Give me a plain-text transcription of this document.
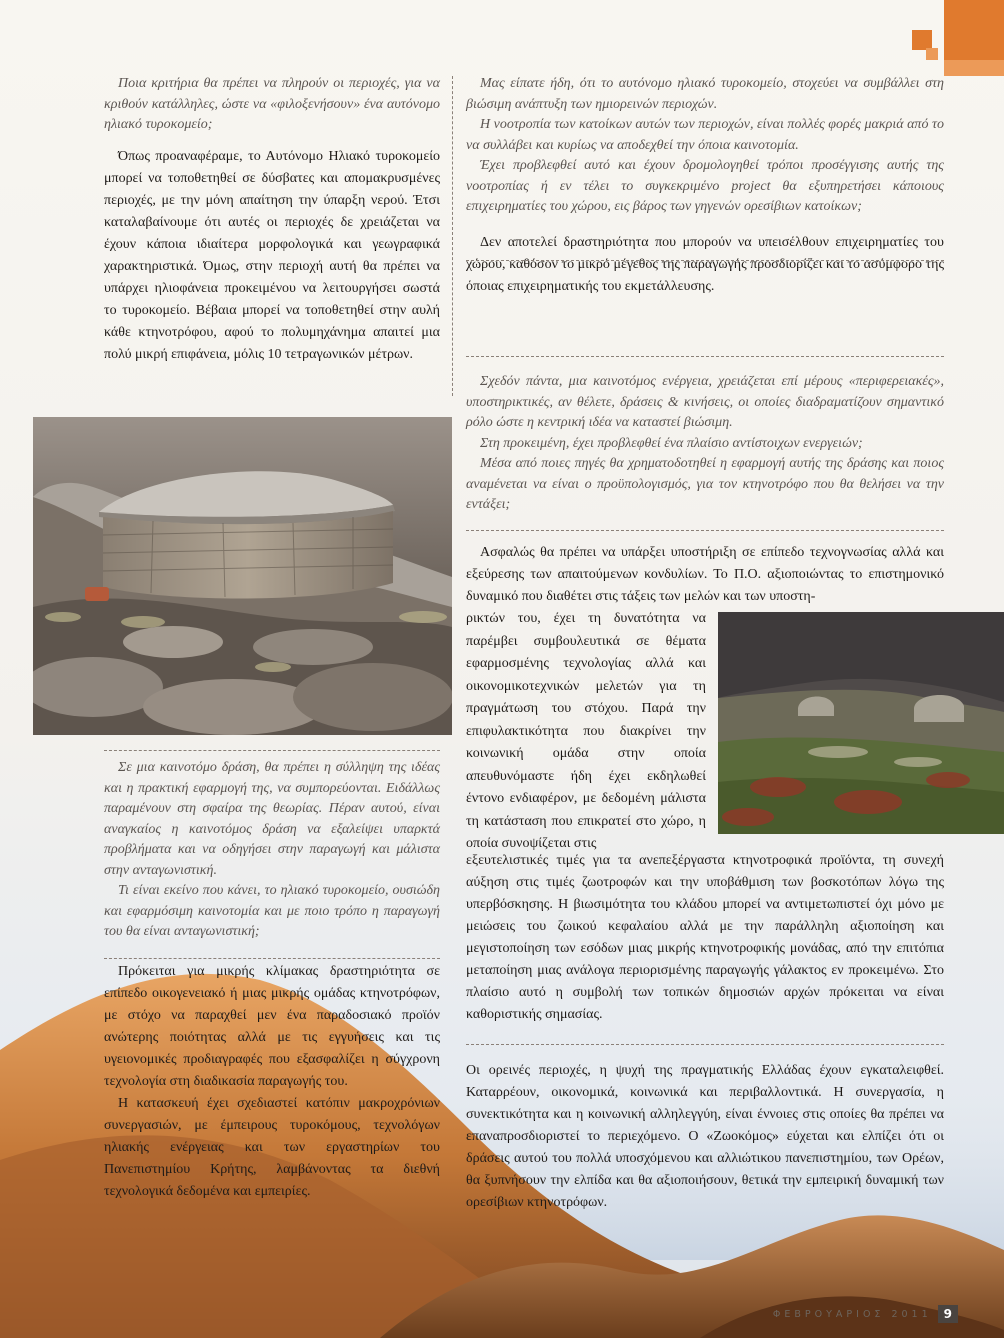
Ποια κριτήρια θα πρέπει να πληρούν οι περιοχές, για να κριθούν κατάλληλες, ώστε να «φιλοξενήσουν» ένα αυτόνομο ηλιακό τυροκομείο;

Όπως προαναφέραμε, το Αυτόνομο Ηλιακό τυροκομείο μπορεί να τοποθετηθεί σε δύσβατες και απομακρυσμένες περιοχές, με την μόνη απαίτηση την ύπαρξη νερού. Έτσι καταλαβαίνουμε ότι αυτές οι περιοχές δε χρειάζεται να έχουν κάποια ιδιαίτερα μορφολογικά και γεωγραφικά χαρακτηριστικά. Όμως, στην περιοχή αυτή θα πρέπει να υπάρχει ηλιοφάνεια προκειμένου να λειτουργήσει σωστά το τυροκομείο. Βέβαια μπορεί να τοποθετηθεί στην αυλή κάθε κτηνοτρόφου, αφού το πολυμηχάνημα απαιτεί μια πολύ μικρή επιφάνεια, μόλις 10 τετραγωνικών μέτρων.

Σε μια καινοτόμο δράση, θα πρέπει η σύλληψη της ιδέας και η πρακτική εφαρμογή της, να συμπορεύονται. Ειδάλλως παραμένουν στη σφαίρα της θεωρίας. Πέραν αυτού, είναι αναγκαίος η καινοτόμος δράση να εξαλείψει υπαρκτά προβλήματα και να οδηγήσει στην παραγωγή και μάλιστα στην ανταγωνιστική.

Τι είναι εκείνο που κάνει, το ηλιακό τυροκομείο, ουσιώδη και εφαρμόσιμη καινοτομία και με ποιο τρόπο η παραγωγή του θα είναι ανταγωνιστική;

Πρόκειται για μικρής κλίμακας δραστηριότητα σε επίπεδο οικογενειακό ή μιας μικρής ομάδας κτηνοτρόφων, με στόχο να παραχθεί μεν ένα παραδοσιακό προϊόν ανώτερης ποιότητας αλλά με τις εγγυήσεις και τις υγειονομικές προδιαγραφές που εξασφαλίζει η σύγχρονη τεχνολογία στη διαδικασία παραγωγής του.

Η κατασκευή έχει σχεδιαστεί κατόπιν μακροχρόνιων συνεργασιών, με έμπειρους τυροκόμους, τεχνολόγων ηλιακής ενέργειας και των εργαστηρίων του Πανεπιστημίου Κρήτης, λαμβάνοντας τα διεθνή τεχνολογικά δεδομένα και εμπειρίες.

Μας είπατε ήδη, ότι το αυτόνομο ηλιακό τυροκομείο, στοχεύει να συμβάλλει στη βιώσιμη ανάπτυξη των ημιορεινών περιοχών.

Η νοοτροπία των κατοίκων αυτών των περιοχών, είναι πολλές φορές μακριά από το να συλλάβει και κυρίως να αποδεχθεί την όποια καινοτομία.

Έχει προβλεφθεί αυτό και έχουν δρομολογηθεί τρόποι προσέγγισης αυτής της νοοτροπίας ή εν τέλει το συγκεκριμένο project θα εξυπηρετήσει κάποιους επιχειρηματίες του χώρου, εις βάρος των γηγενών ορεσίβιων κατοίκων;

Δεν αποτελεί δραστηριότητα που μπορούν να υπεισέλθουν επιχειρηματίες του χώρου, καθόσον το μικρό μέγεθος της παραγωγής προσδιορίζει και το ασύμφορο της όποιας επιχειρηματικής του εκμετάλλευσης.

Σχεδόν πάντα, μια καινοτόμος ενέργεια, χρειάζεται επί μέρους «περιφερειακές», υποστηρικτικές, αν θέλετε, δράσεις & κινήσεις, οι οποίες διαδραματίζουν σημαντικό ρόλο ώστε η κεντρική ιδέα να καταστεί βιώσιμη.

Στη προκειμένη, έχει προβλεφθεί ένα πλαίσιο αντίστοιχων ενεργειών;

Μέσα από ποιες πηγές θα χρηματοδοτηθεί η εφαρμογή αυτής της δράσης και ποιος αναμένεται να είναι ο προϋπολογισμός, για τον κτηνοτρόφο που θα θελήσει να την εντάξει;

Ασφαλώς θα πρέπει να υπάρξει υποστήριξη σε επίπεδο τεχνογνωσίας αλλά και εξεύρεσης των απαιτούμενων κονδυλίων. Το Π.Ο. αξιοποιώντας το επιστημονικό δυναμικό που διαθέτει στις τάξεις των μελών και των υποστη-

ρικτών του, έχει τη δυνατότητα να παρέμβει συμβουλευτικά σε θέματα εφαρμοσμένης τεχνολογίας αλλά και οικονομικοτεχνικών μελετών για τη πραγμάτωση του στόχου. Παρά την επιφυλακτικότητα που διακρίνει την κοινωνική ομάδα στην οποία απευθυνόμαστε ήδη έχει εκδηλωθεί έντονο ενδιαφέρον, με δεδομένη μάλιστα τη κατάσταση που επικρατεί στο χώρο, η οποία συνοψίζεται στις

εξευτελιστικές τιμές για τα ανεπεξέργαστα κτηνοτροφικά προϊόντα, τη συνεχή αύξηση στις τιμές ζωοτροφών και την υποβάθμιση των βοσκοτόπων λόγω της υπερβόσκησης. Η βιωσιμότητα του κλάδου μπορεί να αντιμετωπιστεί όχι μόνο με μειώσεις του ζωικού κεφαλαίου αλλά με την παράλληλη αξιοποίηση και μεγιστοποίηση των εσόδων μιας μικρής κτηνοτροφικής μονάδας, από την επιτόπια μεταποίηση μιας ανάλογα περιορισμένης παραγωγής γάλακτος εν προκειμένω. Στο πλαίσιο αυτό η συμβολή των τοπικών δημοσιών αρχών πρόκειται να είναι καθοριστικής σημασίας.

Οι ορεινές περιοχές, η ψυχή της πραγματικής Ελλάδας έχουν εγκαταλειφθεί. Καταρρέουν, οικονομικά, κοινωνικά και περιβαλλοντικά. Η συνεργασία, η συνεκτικότητα και η κοινωνική αλληλεγγύη, είναι έννοιες στις οποίες θα πρέπει να επαναπροσδιοριστεί το περιεχόμενο. Ο «Ζωοκόμος» εύχεται και ελπίζει ότι οι δράσεις αυτού του πολλά υποσχόμενου και αλλιώτικου πανεπιστημίου, των Ορέων, θα ξυπνήσουν την ελπίδα και θα αξιοποιήσουν, θετικά την εμπειρική δυναμική των ορεσίβιων κτηνοτρόφων.

ΦΕΒΡΟΥΑΡΙΟΣ 2011	9
